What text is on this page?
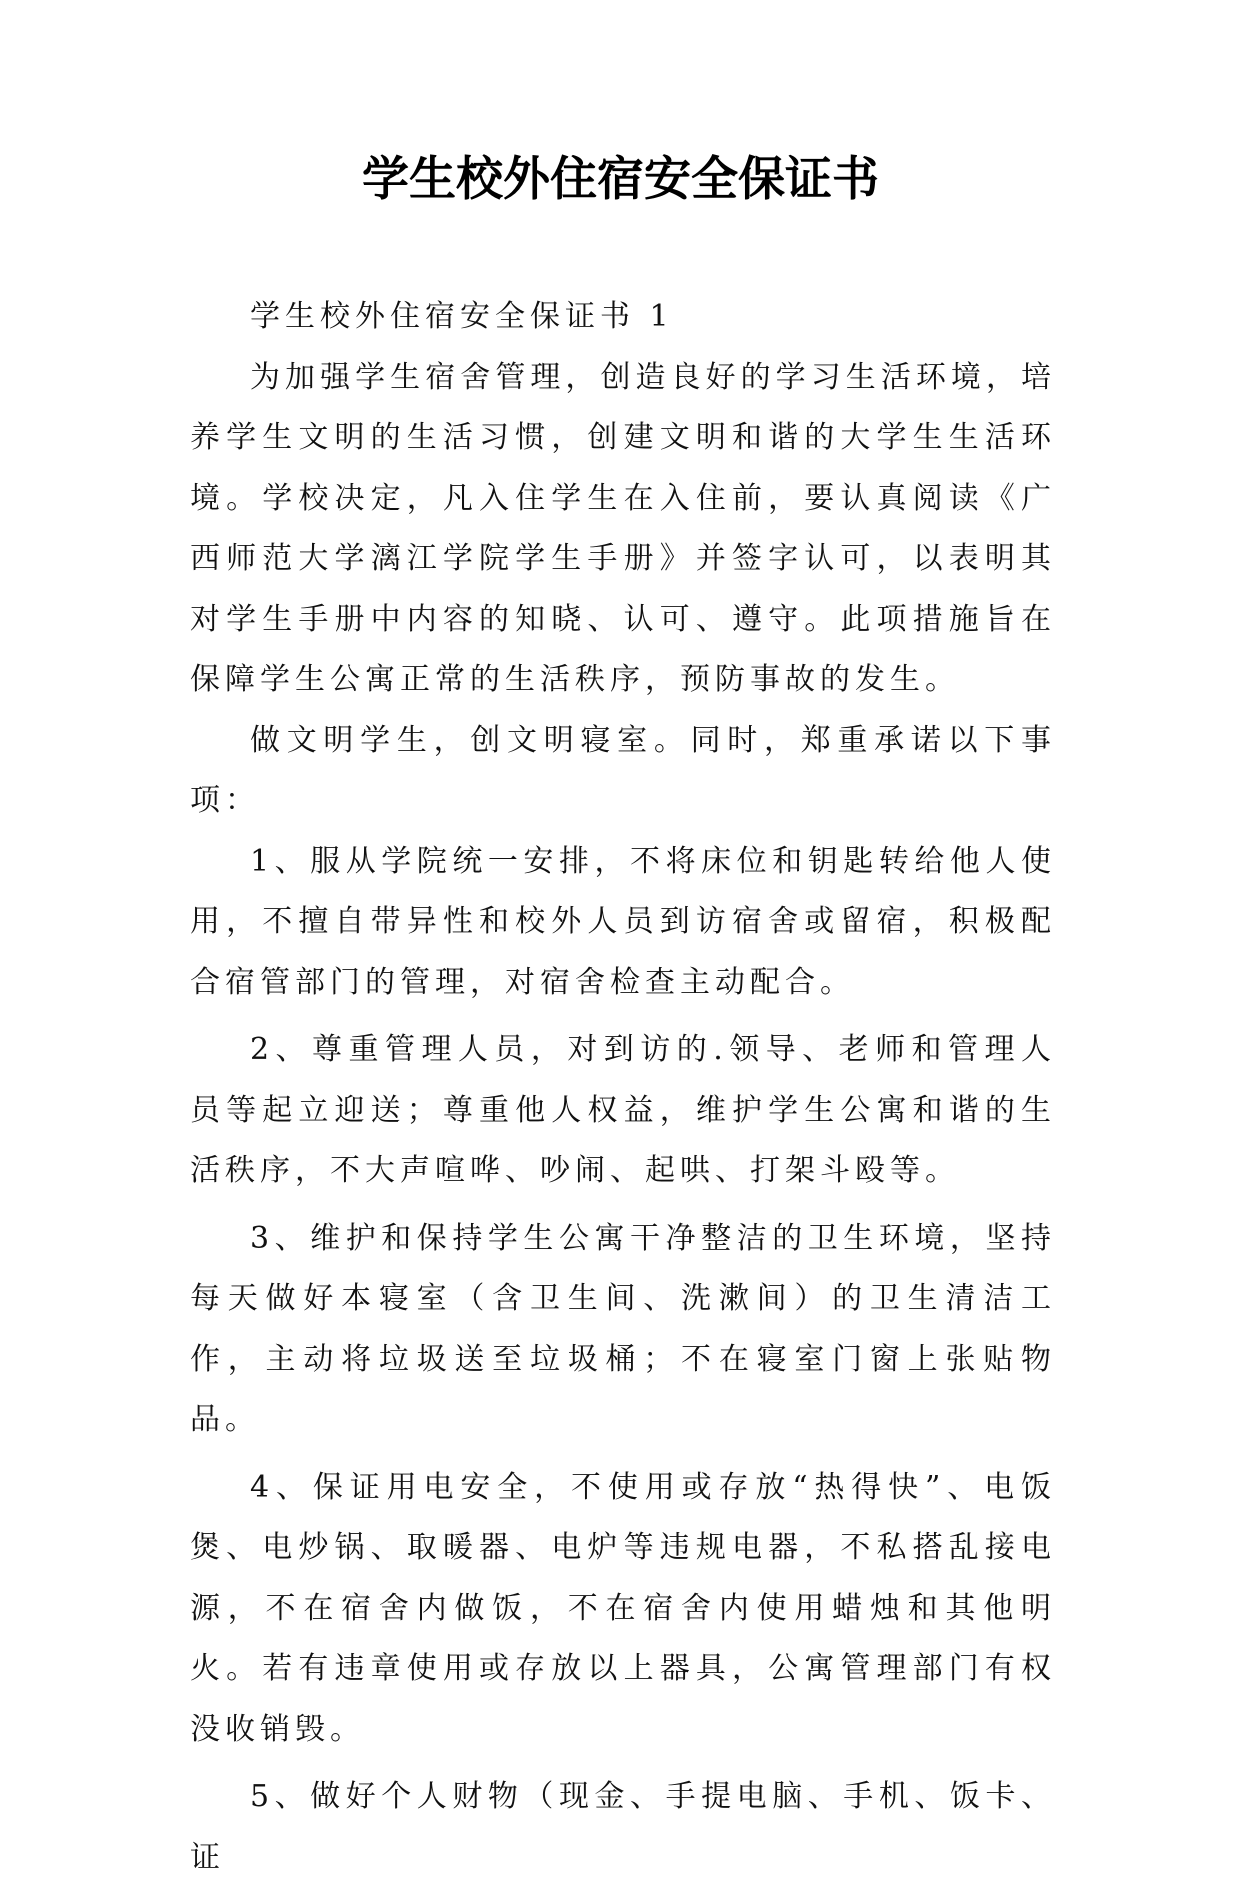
学生校外住宿安全保证书

学生校外住宿安全保证书 1

为加强学生宿舍管理，创造良好的学习生活环境，培养学生文明的生活习惯，创建文明和谐的大学生生活环境。学校决定，凡入住学生在入住前，要认真阅读《广西师范大学漓江学院学生手册》并签字认可，以表明其对学生手册中内容的知晓、认可、遵守。此项措施旨在保障学生公寓正常的生活秩序，预防事故的发生。

做文明学生，创文明寝室。同时，郑重承诺以下事项：

1、服从学院统一安排，不将床位和钥匙转给他人使用，不擅自带异性和校外人员到访宿舍或留宿，积极配合宿管部门的管理，对宿舍检查主动配合。

2、尊重管理人员，对到访的.领导、老师和管理人员等起立迎送；尊重他人权益，维护学生公寓和谐的生活秩序，不大声喧哗、吵闹、起哄、打架斗殴等。

3、维护和保持学生公寓干净整洁的卫生环境，坚持每天做好本寝室（含卫生间、洗漱间）的卫生清洁工作，主动将垃圾送至垃圾桶；不在寝室门窗上张贴物品。

4、保证用电安全，不使用或存放“热得快”、电饭煲、电炒锅、取暖器、电炉等违规电器，不私搭乱接电源，不在宿舍内做饭，不在宿舍内使用蜡烛和其他明火。若有违章使用或存放以上器具，公寓管理部门有权没收销毁。

5、做好个人财物（现金、手提电脑、手机、饭卡、证
